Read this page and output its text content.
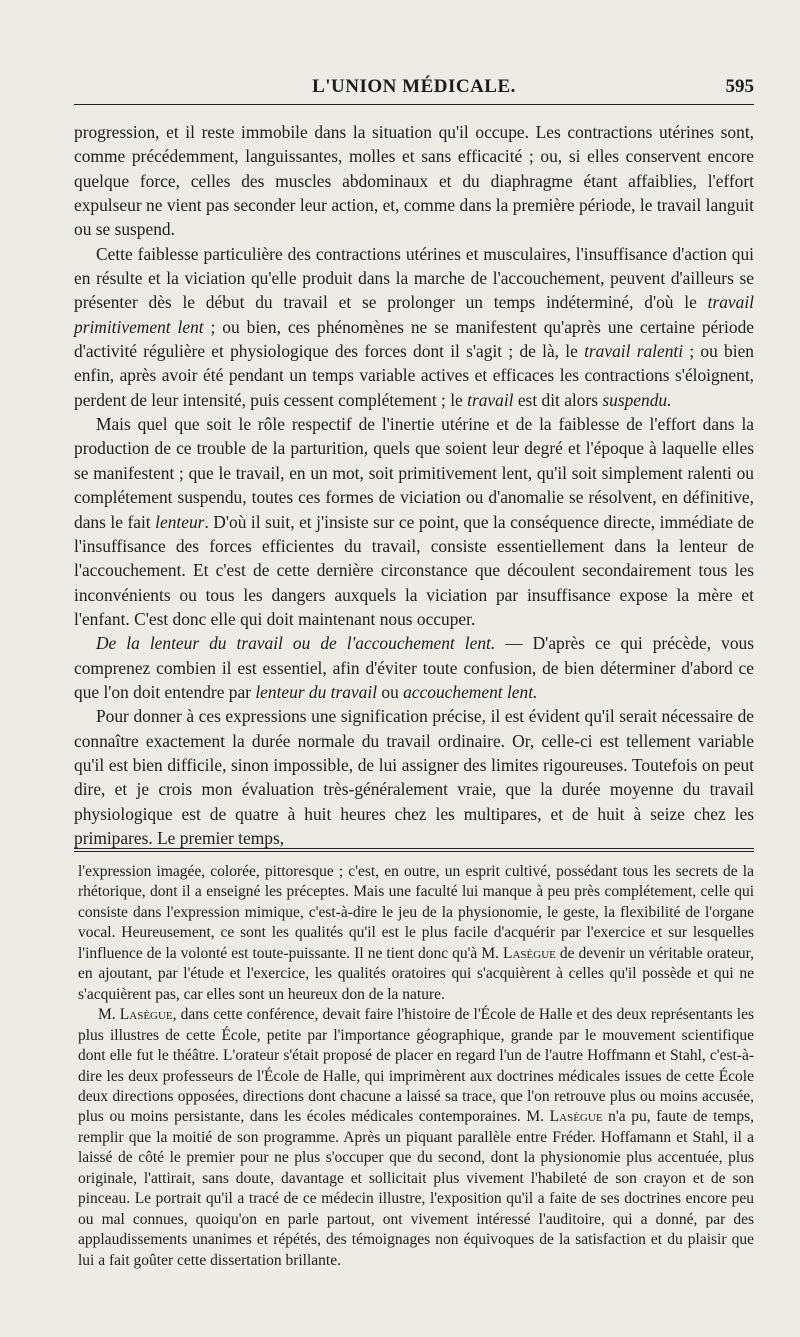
L'UNION MÉDICALE.	595

progression, et il reste immobile dans la situation qu'il occupe. Les contractions utérines sont, comme précédemment, languissantes, molles et sans efficacité ; ou, si elles conservent encore quelque force, celles des muscles abdominaux et du diaphragme étant affaiblies, l'effort expulseur ne vient pas seconder leur action, et, comme dans la première période, le travail languit ou se suspend.

Cette faiblesse particulière des contractions utérines et musculaires, l'insuffisance d'action qui en résulte et la viciation qu'elle produit dans la marche de l'accouchement, peuvent d'ailleurs se présenter dès le début du travail et se prolonger un temps indéterminé, d'où le travail primitivement lent ; ou bien, ces phénomènes ne se manifestent qu'après une certaine période d'activité régulière et physiologique des forces dont il s'agit ; de là, le travail ralenti ; ou bien enfin, après avoir été pendant un temps variable actives et efficaces les contractions s'éloignent, perdent de leur intensité, puis cessent complétement ; le travail est dit alors suspendu.

Mais quel que soit le rôle respectif de l'inertie utérine et de la faiblesse de l'effort dans la production de ce trouble de la parturition, quels que soient leur degré et l'époque à laquelle elles se manifestent ; que le travail, en un mot, soit primitivement lent, qu'il soit simplement ralenti ou complétement suspendu, toutes ces formes de viciation ou d'anomalie se résolvent, en définitive, dans le fait lenteur. D'où il suit, et j'insiste sur ce point, que la conséquence directe, immédiate de l'insuffisance des forces efficientes du travail, consiste essentiellement dans la lenteur de l'accouchement. Et c'est de cette dernière circonstance que découlent secondairement tous les inconvénients ou tous les dangers auxquels la viciation par insuffisance expose la mère et l'enfant. C'est donc elle qui doit maintenant nous occuper.

De la lenteur du travail ou de l'accouchement lent. — D'après ce qui précède, vous comprenez combien il est essentiel, afin d'éviter toute confusion, de bien déterminer d'abord ce que l'on doit entendre par lenteur du travail ou accouchement lent.

Pour donner à ces expressions une signification précise, il est évident qu'il serait nécessaire de connaître exactement la durée normale du travail ordinaire. Or, celle-ci est tellement variable qu'il est bien difficile, sinon impossible, de lui assigner des limites rigoureuses. Toutefois on peut dire, et je crois mon évaluation très-généralement vraie, que la durée moyenne du travail physiologique est de quatre à huit heures chez les multipares, et de huit à seize chez les primipares. Le premier temps,

l'expression imagée, colorée, pittoresque ; c'est, en outre, un esprit cultivé, possédant tous les secrets de la rhétorique, dont il a enseigné les préceptes. Mais une faculté lui manque à peu près complétement, celle qui consiste dans l'expression mimique, c'est-à-dire le jeu de la physionomie, le geste, la flexibilité de l'organe vocal. Heureusement, ce sont les qualités qu'il est le plus facile d'acquérir par l'exercice et sur lesquelles l'influence de la volonté est toute-puissante. Il ne tient donc qu'à M. Lasègue de devenir un véritable orateur, en ajoutant, par l'étude et l'exercice, les qualités oratoires qui s'acquièrent à celles qu'il possède et qui ne s'acquièrent pas, car elles sont un heureux don de la nature.

M. Lasègue, dans cette conférence, devait faire l'histoire de l'École de Halle et des deux représentants les plus illustres de cette École, petite par l'importance géographique, grande par le mouvement scientifique dont elle fut le théâtre. L'orateur s'était proposé de placer en regard l'un de l'autre Hoffmann et Stahl, c'est-à-dire les deux professeurs de l'École de Halle, qui imprimèrent aux doctrines médicales issues de cette École deux directions opposées, directions dont chacune a laissé sa trace, que l'on retrouve plus ou moins accusée, plus ou moins persistante, dans les écoles médicales contemporaines. M. Lasègue n'a pu, faute de temps, remplir que la moitié de son programme. Après un piquant parallèle entre Fréder. Hoffamann et Stahl, il a laissé de côté le premier pour ne plus s'occuper que du second, dont la physionomie plus accentuée, plus originale, l'attirait, sans doute, davantage et sollicitait plus vivement l'habileté de son crayon et de son pinceau. Le portrait qu'il a tracé de ce médecin illustre, l'exposition qu'il a faite de ses doctrines encore peu ou mal connues, quoiqu'on en parle partout, ont vivement intéressé l'auditoire, qui a donné, par des applaudissements unanimes et répétés, des témoignages non équivoques de la satisfaction et du plaisir que lui a fait goûter cette dissertation brillante.
